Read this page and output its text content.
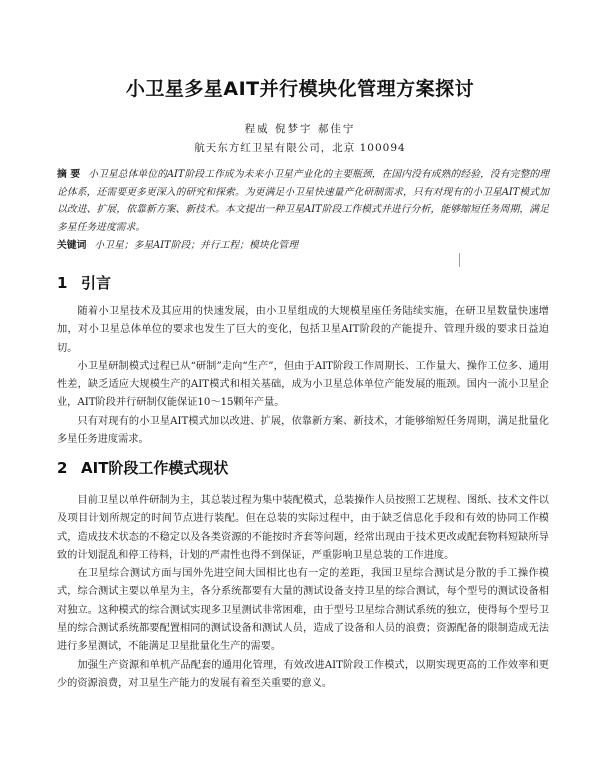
小卫星多星AIT并行模块化管理方案探讨
程威 倪梦宇 郝佳宁
航天东方红卫星有限公司，北京 100094
摘 要 小卫星总体单位的AIT阶段工作成为未来小卫星产业化的主要瓶颈，在国内没有成熟的经验，没有完整的理论体系，还需要更多更深入的研究和探索。为更满足小卫星快速量产化研制需求，只有对现有的小卫星AIT模式加以改进、扩展，依靠新方案、新技术。本文提出一种卫星AIT阶段工作模式并进行分析，能够缩短任务周期，满足多星任务进度需求。
关键词 小卫星；多星AIT阶段；并行工程；模块化管理
1 引言

随着小卫星技术及其应用的快速发展，由小卫星组成的大规模星座任务陆续实施，在研卫星数量快速增加，对小卫星总体单位的要求也发生了巨大的变化，包括卫星AIT阶段的产能提升、管理升级的要求日益迫切。

小卫星研制模式过程已从“研制”走向“生产”，但由于AIT阶段工作周期长、工作量大、操作工位多、通用性差，缺乏适应大规模生产的AIT模式和相关基础，成为小卫星总体单位产能发展的瓶颈。国内一流小卫星企业，AIT阶段并行研制仅能保证10～15颗年产量。

只有对现有的小卫星AIT模式加以改进、扩展，依靠新方案、新技术，才能够缩短任务周期，满足批量化多星任务进度需求。

2 AIT阶段工作模式现状

目前卫星以单件研制为主，其总装过程为集中装配模式，总装操作人员按照工艺规程、图纸、技术文件以及项目计划所规定的时间节点进行装配。但在总装的实际过程中，由于缺乏信息化手段和有效的协同工作模式，造成技术状态的不稳定以及各类资源的不能按时齐套等问题，经常出现由于技术更改或配套物料短缺所导致的计划混乱和停工待料，计划的严肃性也得不到保证，严重影响卫星总装的工作进度。

在卫星综合测试方面与国外先进空间大国相比也有一定的差距，我国卫星综合测试是分散的手工操作模式，综合测试主要以单星为主，各分系统都要有大量的测试设备支持卫星的综合测试，每个型号的测试设备相对独立。这种模式的综合测试实现多卫星测试非常困难，由于型号卫星综合测试系统的独立，使得每个型号卫星的综合测试系统都要配置相同的测试设备和测试人员，造成了设备和人员的浪费；资源配备的限制造成无法进行多星测试，不能满足卫星批量化生产的需要。

加强生产资源和单机产品配套的通用化管理，有效改进AIT阶段工作模式，以期实现更高的工作效率和更少的资源浪费，对卫星生产能力的发展有着至关重要的意义。
